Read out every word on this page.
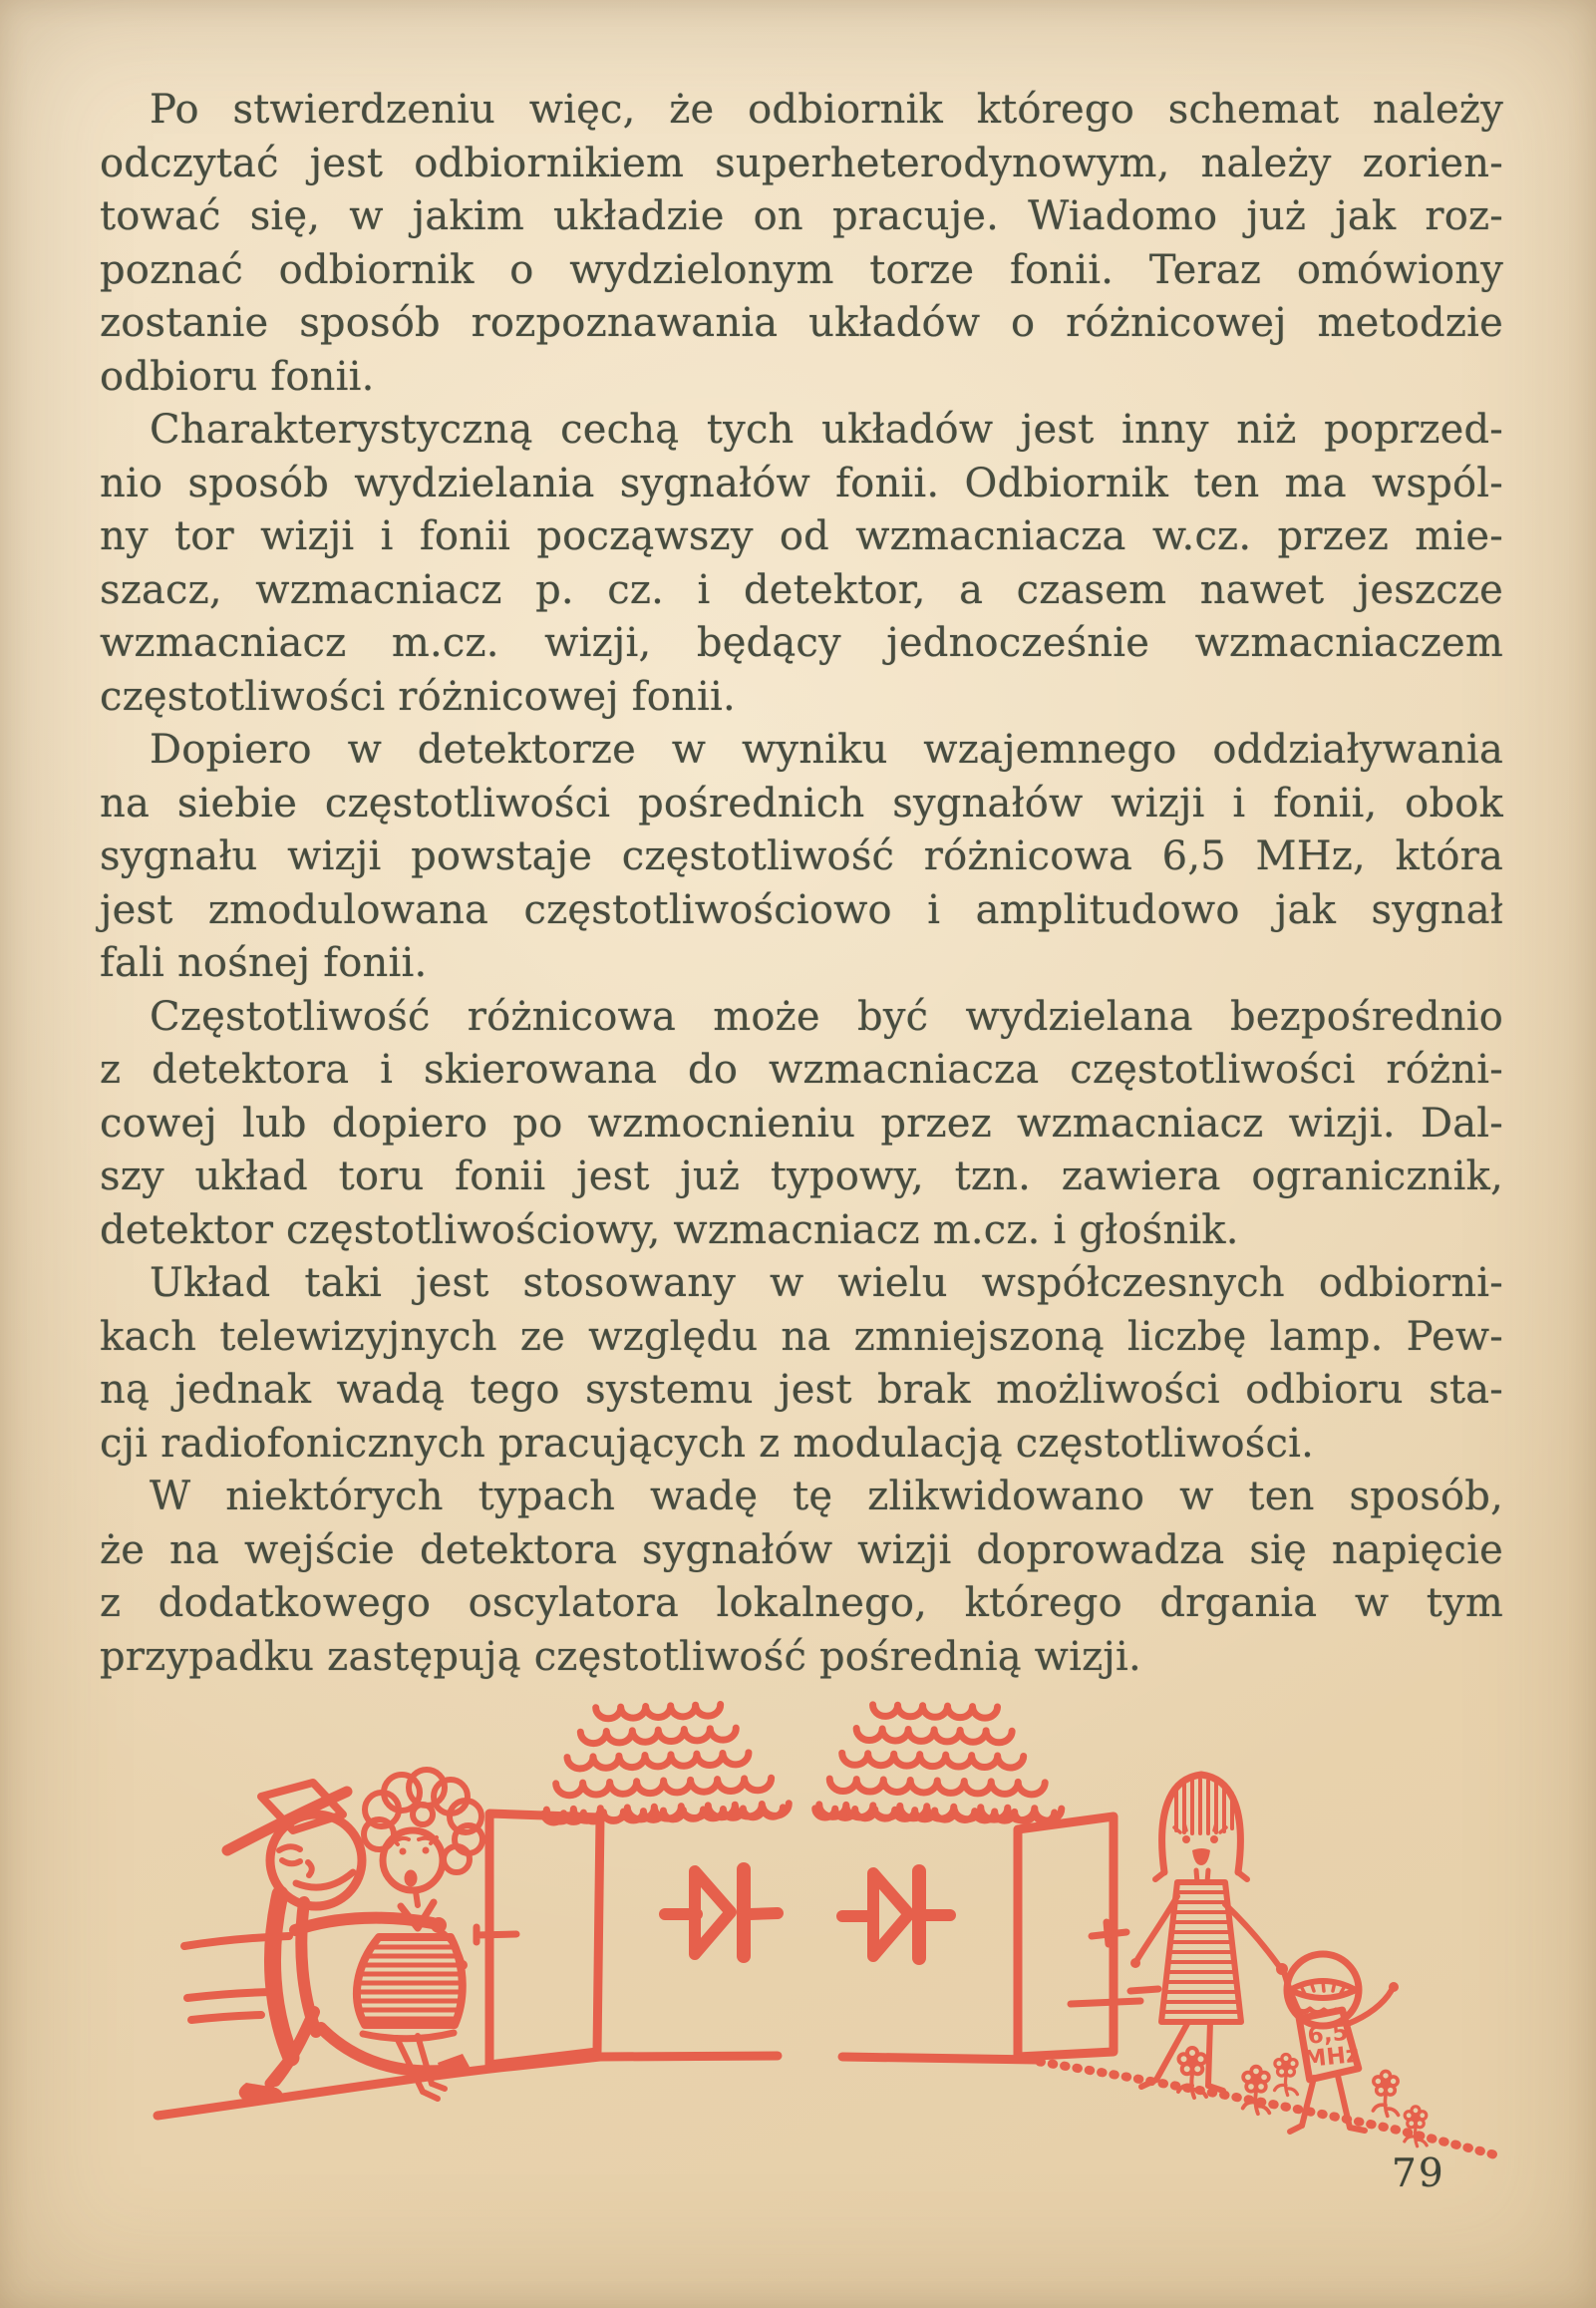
Po stwierdzeniu więc, że odbiornik którego schemat należy
odczytać jest odbiornikiem superheterodynowym, należy zorien-
tować się, w jakim układzie on pracuje. Wiadomo już jak roz-
poznać odbiornik o wydzielonym torze fonii. Teraz omówiony
zostanie sposób rozpoznawania układów o różnicowej metodzie
odbioru fonii.

Charakterystyczną cechą tych układów jest inny niż poprzed-
nio sposób wydzielania sygnałów fonii. Odbiornik ten ma wspól-
ny tor wizji i fonii począwszy od wzmacniacza w.cz. przez mie-
szacz, wzmacniacz p. cz. i detektor, a czasem nawet jeszcze
wzmacniacz m.cz. wizji, będący jednocześnie wzmacniaczem
częstotliwości różnicowej fonii.

Dopiero w detektorze w wyniku wzajemnego oddziaływania
na siebie częstotliwości pośrednich sygnałów wizji i fonii, obok
sygnału wizji powstaje częstotliwość różnicowa 6,5 MHz, która
jest zmodulowana częstotliwościowo i amplitudowo jak sygnał
fali nośnej fonii.

Częstotliwość różnicowa może być wydzielana bezpośrednio
z detektora i skierowana do wzmacniacza częstotliwości różni-
cowej lub dopiero po wzmocnieniu przez wzmacniacz wizji. Dal-
szy układ toru fonii jest już typowy, tzn. zawiera ogranicznik,
detektor częstotliwościowy, wzmacniacz m.cz. i głośnik.

Układ taki jest stosowany w wielu współczesnych odbiorni-
kach telewizyjnych ze względu na zmniejszoną liczbę lamp. Pew-
ną jednak wadą tego systemu jest brak możliwości odbioru sta-
cji radiofonicznych pracujących z modulacją częstotliwości.

W niektórych typach wadę tę zlikwidowano w ten sposób,
że na wejście detektora sygnałów wizji doprowadza się napięcie
z dodatkowego oscylatora lokalnego, którego drgania w tym
przypadku zastępują częstotliwość pośrednią wizji.

6,5
MHz
79
